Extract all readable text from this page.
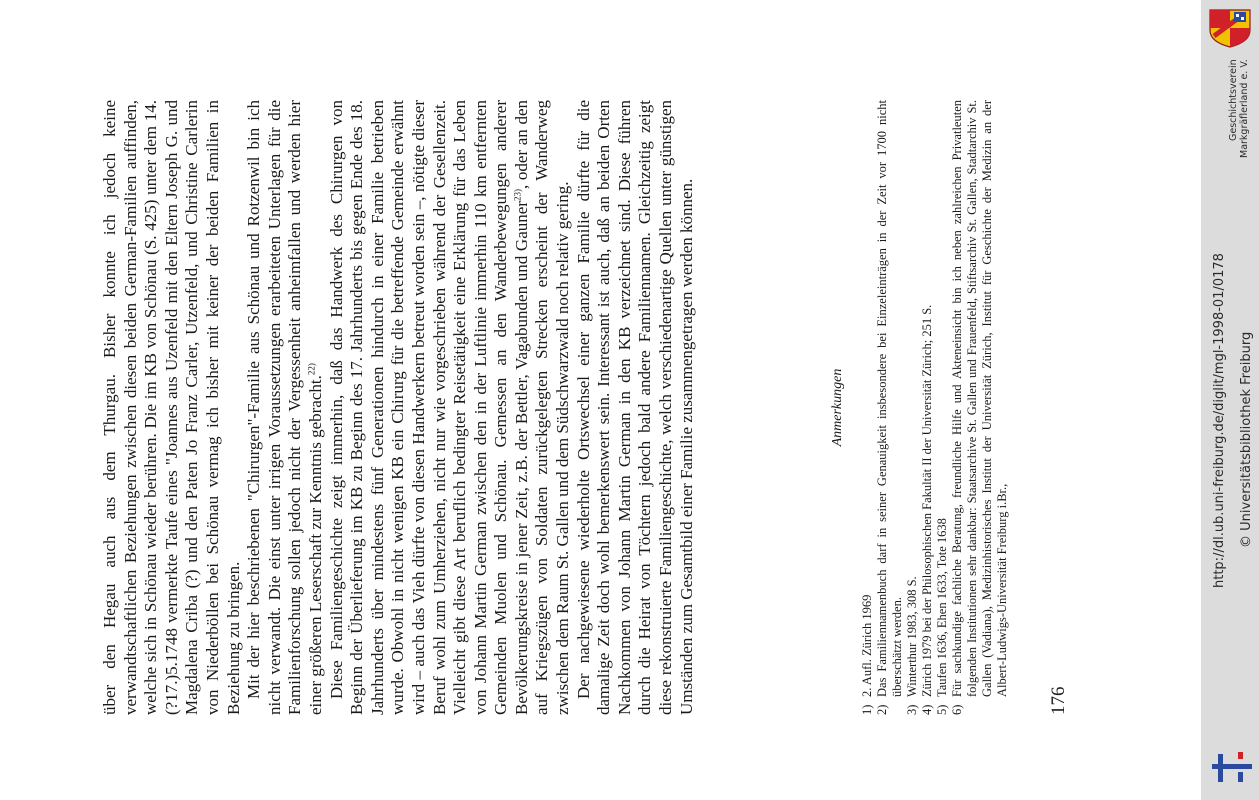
über den Hegau auch aus dem Thurgau. Bisher konnte ich jedoch keine verwandtschaftlichen Beziehungen zwischen diesen beiden German-Familien auffinden, welche sich in Schönau wieder berühren. Die im KB von Schönau (S. 425) unter dem 14.(?17.)5.1748 vermerkte Taufe eines "Joannes aus Uzenfeld mit den Eltern Joseph G. und Magdalena Criba (?) und den Paten Jo Franz Carler, Utzenfeld, und Christine Carlerin von Niederböllen bei Schönau vermag ich bisher mit keiner der beiden Familien in Beziehung zu bringen. Mit der hier beschriebenen "Chirurgen"-Familie aus Schönau und Rotzenwil bin ich nicht verwandt. Die einst unter irrigen Voraussetzungen erarbeiteten Unterlagen für die Familienforschung sollen jedoch nicht der Vergessenheit anheimfallen und werden hier einer größeren Leserschaft zur Kenntnis gebracht.$^{22)}$ Diese Familiengeschichte zeigt immerhin, daß das Handwerk des Chirurgen von Beginn der Überlieferung im KB zu Beginn des 17. Jahrhunderts bis gegen Ende des 18. Jahrhunderts über mindestens fünf Generationen hindurch in einer Familie betrieben wurde. Obwohl in nicht wenigen KB ein Chirurg für die betreffende Gemeinde erwähnt wird – auch das Vieh dürfte von diesen Handwerkern betreut worden sein –, nötigte dieser Beruf wohl zum Umherziehen, nicht nur wie vorgeschrieben während der Gesellenzeit. Vielleicht gibt diese Art beruflich bedingter Reisetätigkeit eine Erklärung für das Leben von Johann Martin German zwischen den in der Luftlinie immerhin 110 km entfernten Gemeinden Muolen und Schönau. Gemessen an den Wanderbewegungen anderer Bevölkerungskreise in jener Zeit, z.B. der Bettler, Vagabunden und Gauner$^{23)}$, oder an den auf Kriegszügen von Soldaten zurückgelegten Strecken erscheint der Wanderweg zwischen dem Raum St. Gallen und dem Südschwarzwald noch relativ gering. Der nachgewiesene wiederholte Ortswechsel einer ganzen Familie dürfte für die damalige Zeit doch wohl bemerkenswert sein. Interessant ist auch, daß an beiden Orten Nachkommen von Johann Martin German in den KB verzeichnet sind. Diese führen durch die Heirat von Töchtern jedoch bald andere Familiennamen. Gleichzeitig zeigt diese rekonstruierte Familiengeschichte, welch verschiedenartige Quellen unter günstigen Umständen zum Gesamtbild einer Familie zusammengetragen werden können.	Anmerkungen
1)
2. Aufl. Zürich 1969
2)
Das Familiennamenbuch darf in seiner Genauigkeit insbesondere bei Einzeleinträgen in der Zeit vor 1700 nicht überschätzt werden.
3)
Winterthur 1983, 308 S.
4)
Zürich 1979 bei der Philosophischen Fakultät II der Universität Zürich; 251 S.
5)
Taufen 1636, Ehen 1633, Tote 1638
6)
Für sachkundige fachliche Beratung, freundliche Hilfe und Akteneinsicht bin ich neben zahlreichen Privatleuten folgenden Institutionen sehr dankbar: Staatsarchive St. Gallen und Frauenfeld, Stiftsarchiv St. Gallen, Stadtarchiv St. Gallen (Vadiana), Medizinhistorisches Institut der Universität Zürich, Institut für Geschichte der Medizin an der Albert-Ludwigs-Universität Freiburg i.Br.,
176
Geschichtsverein Markgräflerland e. V.
http://dl.ub.uni-freiburg.de/diglit/mgl-1998-01/0178 © Universitätsbibliothek Freiburg
